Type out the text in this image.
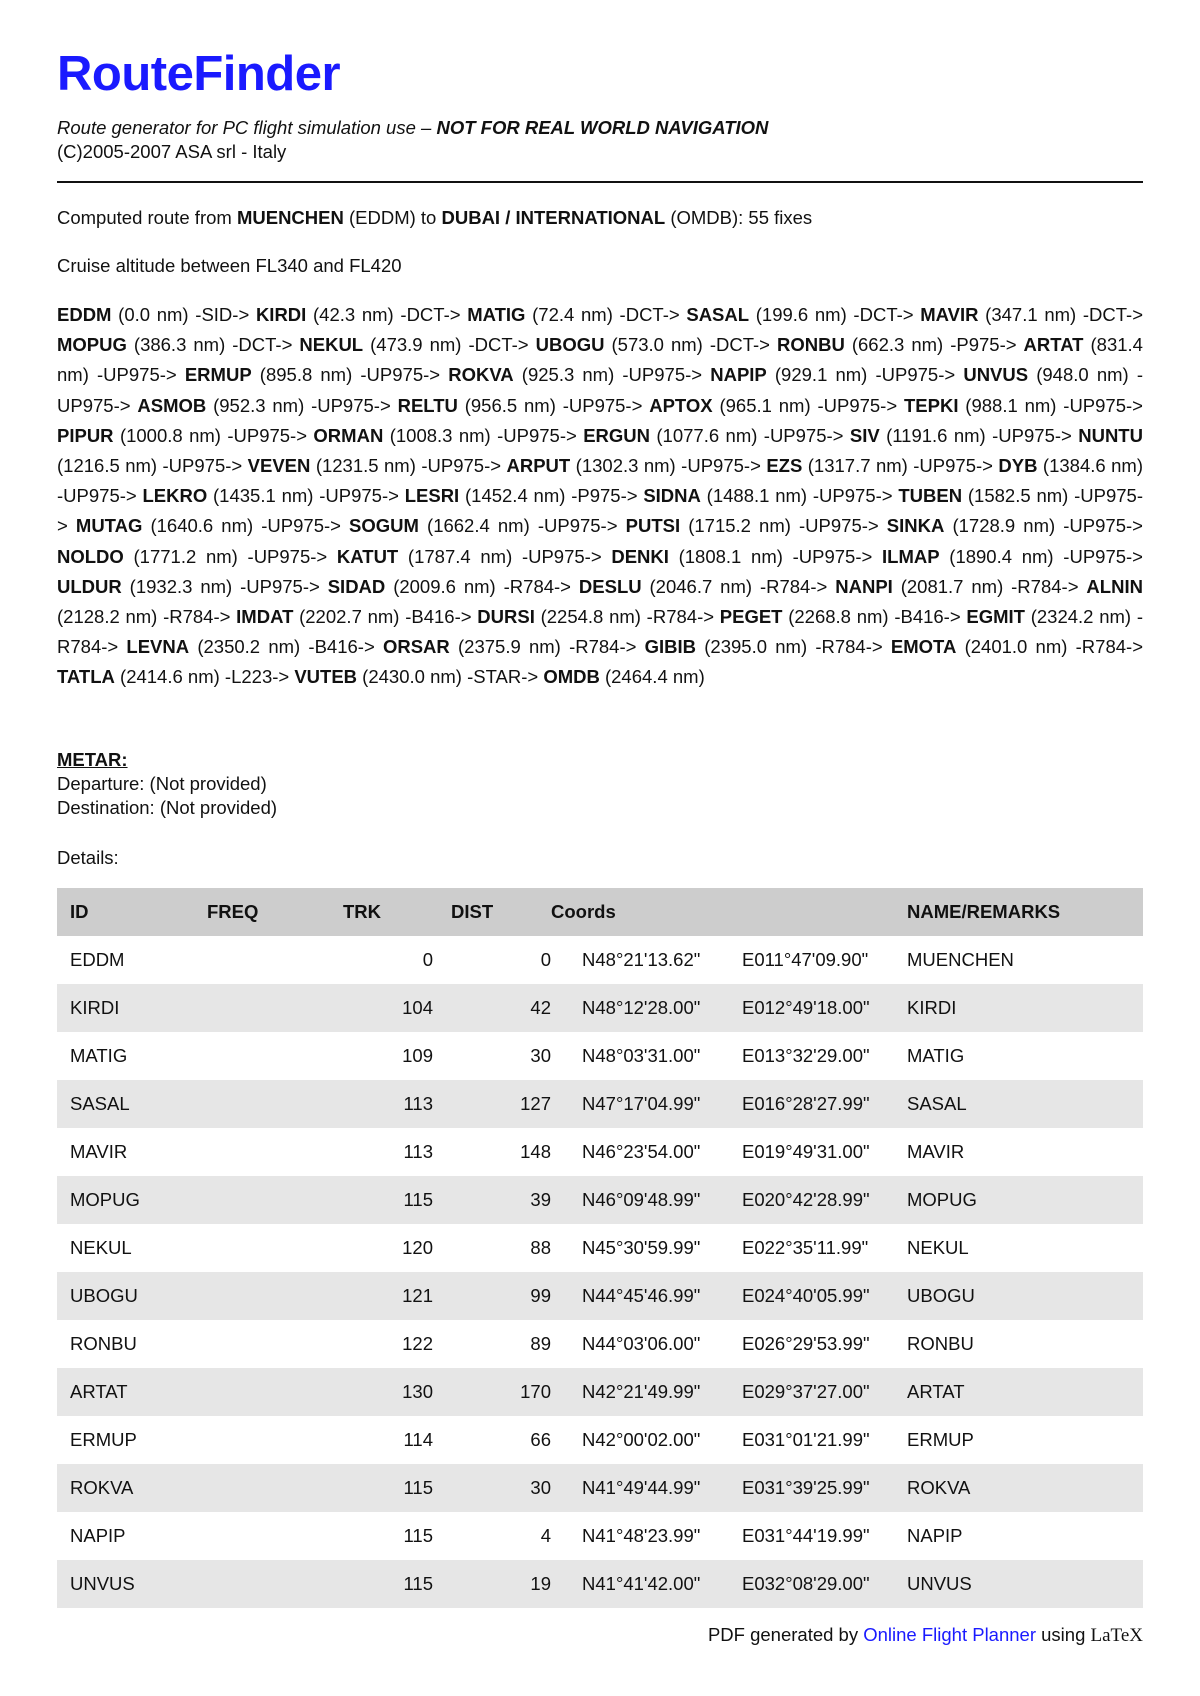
RouteFinder
Route generator for PC flight simulation use – NOT FOR REAL WORLD NAVIGATION
(C)2005-2007 ASA srl - Italy
Computed route from MUENCHEN (EDDM) to DUBAI / INTERNATIONAL (OMDB): 55 fixes
Cruise altitude between FL340 and FL420
EDDM (0.0 nm) -SID-> KIRDI (42.3 nm) -DCT-> MATIG (72.4 nm) -DCT-> SASAL (199.6 nm) -DCT-> MAVIR (347.1 nm) -DCT-> MOPUG (386.3 nm) -DCT-> NEKUL (473.9 nm) -DCT-> UBOGU (573.0 nm) -DCT-> RONBU (662.3 nm) -P975-> ARTAT (831.4 nm) -UP975-> ERMUP (895.8 nm) -UP975-> ROKVA (925.3 nm) -UP975-> NAPIP (929.1 nm) -UP975-> UNVUS (948.0 nm) -UP975-> ASMOB (952.3 nm) -UP975-> RELTU (956.5 nm) -UP975-> APTOX (965.1 nm) -UP975-> TEPKI (988.1 nm) -UP975-> PIPUR (1000.8 nm) -UP975-> ORMAN (1008.3 nm) -UP975-> ERGUN (1077.6 nm) -UP975-> SIV (1191.6 nm) -UP975-> NUNTU (1216.5 nm) -UP975-> VEVEN (1231.5 nm) -UP975-> ARPUT (1302.3 nm) -UP975-> EZS (1317.7 nm) -UP975-> DYB (1384.6 nm) -UP975-> LEKRO (1435.1 nm) -UP975-> LESRI (1452.4 nm) -P975-> SIDNA (1488.1 nm) -UP975-> TUBEN (1582.5 nm) -UP975-> MUTAG (1640.6 nm) -UP975-> SOGUM (1662.4 nm) -UP975-> PUTSI (1715.2 nm) -UP975-> SINKA (1728.9 nm) -UP975-> NOLDO (1771.2 nm) -UP975-> KATUT (1787.4 nm) -UP975-> DENKI (1808.1 nm) -UP975-> ILMAP (1890.4 nm) -UP975-> ULDUR (1932.3 nm) -UP975-> SIDAD (2009.6 nm) -R784-> DESLU (2046.7 nm) -R784-> NANPI (2081.7 nm) -R784-> ALNIN (2128.2 nm) -R784-> IMDAT (2202.7 nm) -B416-> DURSI (2254.8 nm) -R784-> PEGET (2268.8 nm) -B416-> EGMIT (2324.2 nm) -R784-> LEVNA (2350.2 nm) -B416-> ORSAR (2375.9 nm) -R784-> GIBIB (2395.0 nm) -R784-> EMOTA (2401.0 nm) -R784-> TATLA (2414.6 nm) -L223-> VUTEB (2430.0 nm) -STAR-> OMDB (2464.4 nm)
METAR:
Departure: (Not provided)
Destination: (Not provided)
Details:
ID	FREQ	TRK	DIST	Coords		NAME/REMARKS
EDDM		0	0	N48°21'13.62"	E011°47'09.90"	MUENCHEN
KIRDI		104	42	N48°12'28.00"	E012°49'18.00"	KIRDI
MATIG		109	30	N48°03'31.00"	E013°32'29.00"	MATIG
SASAL		113	127	N47°17'04.99"	E016°28'27.99"	SASAL
MAVIR		113	148	N46°23'54.00"	E019°49'31.00"	MAVIR
MOPUG		115	39	N46°09'48.99"	E020°42'28.99"	MOPUG
NEKUL		120	88	N45°30'59.99"	E022°35'11.99"	NEKUL
UBOGU		121	99	N44°45'46.99"	E024°40'05.99"	UBOGU
RONBU		122	89	N44°03'06.00"	E026°29'53.99"	RONBU
ARTAT		130	170	N42°21'49.99"	E029°37'27.00"	ARTAT
ERMUP		114	66	N42°00'02.00"	E031°01'21.99"	ERMUP
ROKVA		115	30	N41°49'44.99"	E031°39'25.99"	ROKVA
NAPIP		115	4	N41°48'23.99"	E031°44'19.99"	NAPIP
UNVUS		115	19	N41°41'42.00"	E032°08'29.00"	UNVUS
PDF generated by Online Flight Planner using LaTeX
